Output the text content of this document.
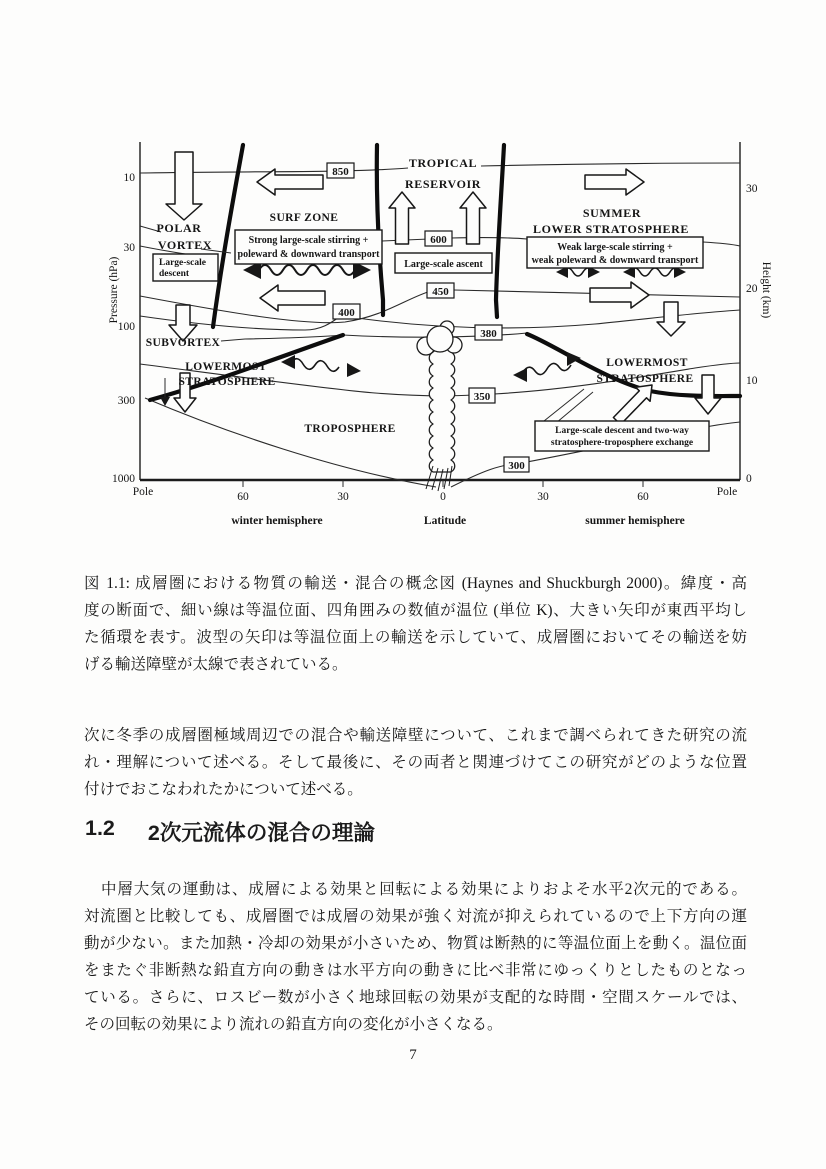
850
600
450
400
380
350
300
Strong large-scale stirring +
poleward & downward transport
Weak large-scale stirring +
weak poleward & downward transport
Large-scale
descent
Large-scale ascent
Large-scale descent and two-way
stratosphere-troposphere exchange
TROPICAL
RESERVOIR
SURF ZONE
POLAR
VORTEX
SUMMER
LOWER STRATOSPHERE
SUBVORTEX
LOWERMOST
STRATOSPHERE
LOWERMOST
STRATOSPHERE
TROPOSPHERE
10
30
100
300
1000
30
20
10
0
Pole	60	30	0	30	60	Pole
Pressure (hPa)	Height (km)
winter hemisphere	Latitude	summer hemisphere
図 1.1: 成層圏における物質の輸送・混合の概念図 (Haynes and Shuckburgh 2000)。緯度・高
度の断面で、細い線は等温位面、四角囲みの数値が温位 (単位 K)、大きい矢印が東西平均し
た循環を表す。波型の矢印は等温位面上の輸送を示していて、成層圏においてその輸送を妨
げる輸送障壁が太線で表されている。
次に冬季の成層圏極域周辺での混合や輸送障壁について、これまで調べられてきた研究の流
れ・理解について述べる。そして最後に、その両者と関連づけてこの研究がどのような位置
付けでおこなわれたかについて述べる。
1.2 2次元流体の混合の理論
中層大気の運動は、成層による効果と回転による効果によりおよそ水平2次元的である。
対流圏と比較しても、成層圏では成層の効果が強く対流が抑えられているので上下方向の運
動が少ない。また加熱・冷却の効果が小さいため、物質は断熱的に等温位面上を動く。温位面
をまたぐ非断熱な鉛直方向の動きは水平方向の動きに比べ非常にゆっくりとしたものとなっ
ている。さらに、ロスビー数が小さく地球回転の効果が支配的な時間・空間スケールでは、
その回転の効果により流れの鉛直方向の変化が小さくなる。
7
